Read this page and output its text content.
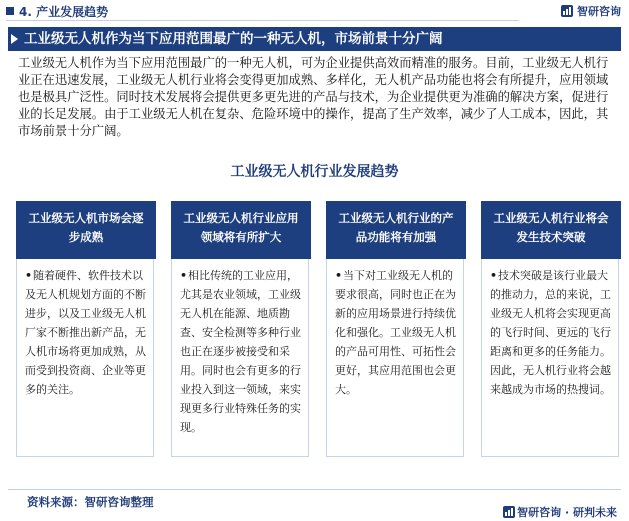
4. 产业发展趋势	智研咨询
工业级无人机作为当下应用范围最广的一种无人机，市场前景十分广阔
工业级无人机作为当下应用范围最广的一种无人机，可为企业提供高效而精准的服务。目前，工业级无人机行业正在迅速发展，工业级无人机行业将会变得更加成熟、多样化，无人机产品功能也将会有所提升，应用领域也是极具广泛性。同时技术发展将会提供更多更先进的产品与技术，为企业提供更为准确的解决方案，促进行业的长足发展。由于工业级无人机在复杂、危险环境中的操作，提高了生产效率，减少了人工成本，因此，其市场前景十分广阔。
工业级无人机行业发展趋势
工业级无人机市场会逐步成熟
•随着硬件、软件技术以及无人机规划方面的不断进步，以及工业级无人机厂家不断推出新产品，无人机市场将更加成熟，从而受到投资商、企业等更多的关注。
工业级无人机行业应用领域将有所扩大
•相比传统的工业应用，尤其是农业领域，工业级无人机在能源、地质勘查、安全检测等多种行业也正在逐步被接受和采用。同时也会有更多的行业投入到这一领域，来实现更多行业特殊任务的实现。
工业级无人机行业的产品功能将有加强
•当下对工业级无人机的要求很高，同时也正在为新的应用场景进行持续优化和强化。工业级无人机的产品可用性、可拓性会更好，其应用范围也会更大。
工业级无人机行业将会发生技术突破
•技术突破是该行业最大的推动力，总的来说，工业级无人机将会实现更高的飞行时间、更远的飞行距离和更多的任务能力。因此，无人机行业将会越来越成为市场的热搜词。
资料来源：智研咨询整理
智研咨询 · 研判未来
